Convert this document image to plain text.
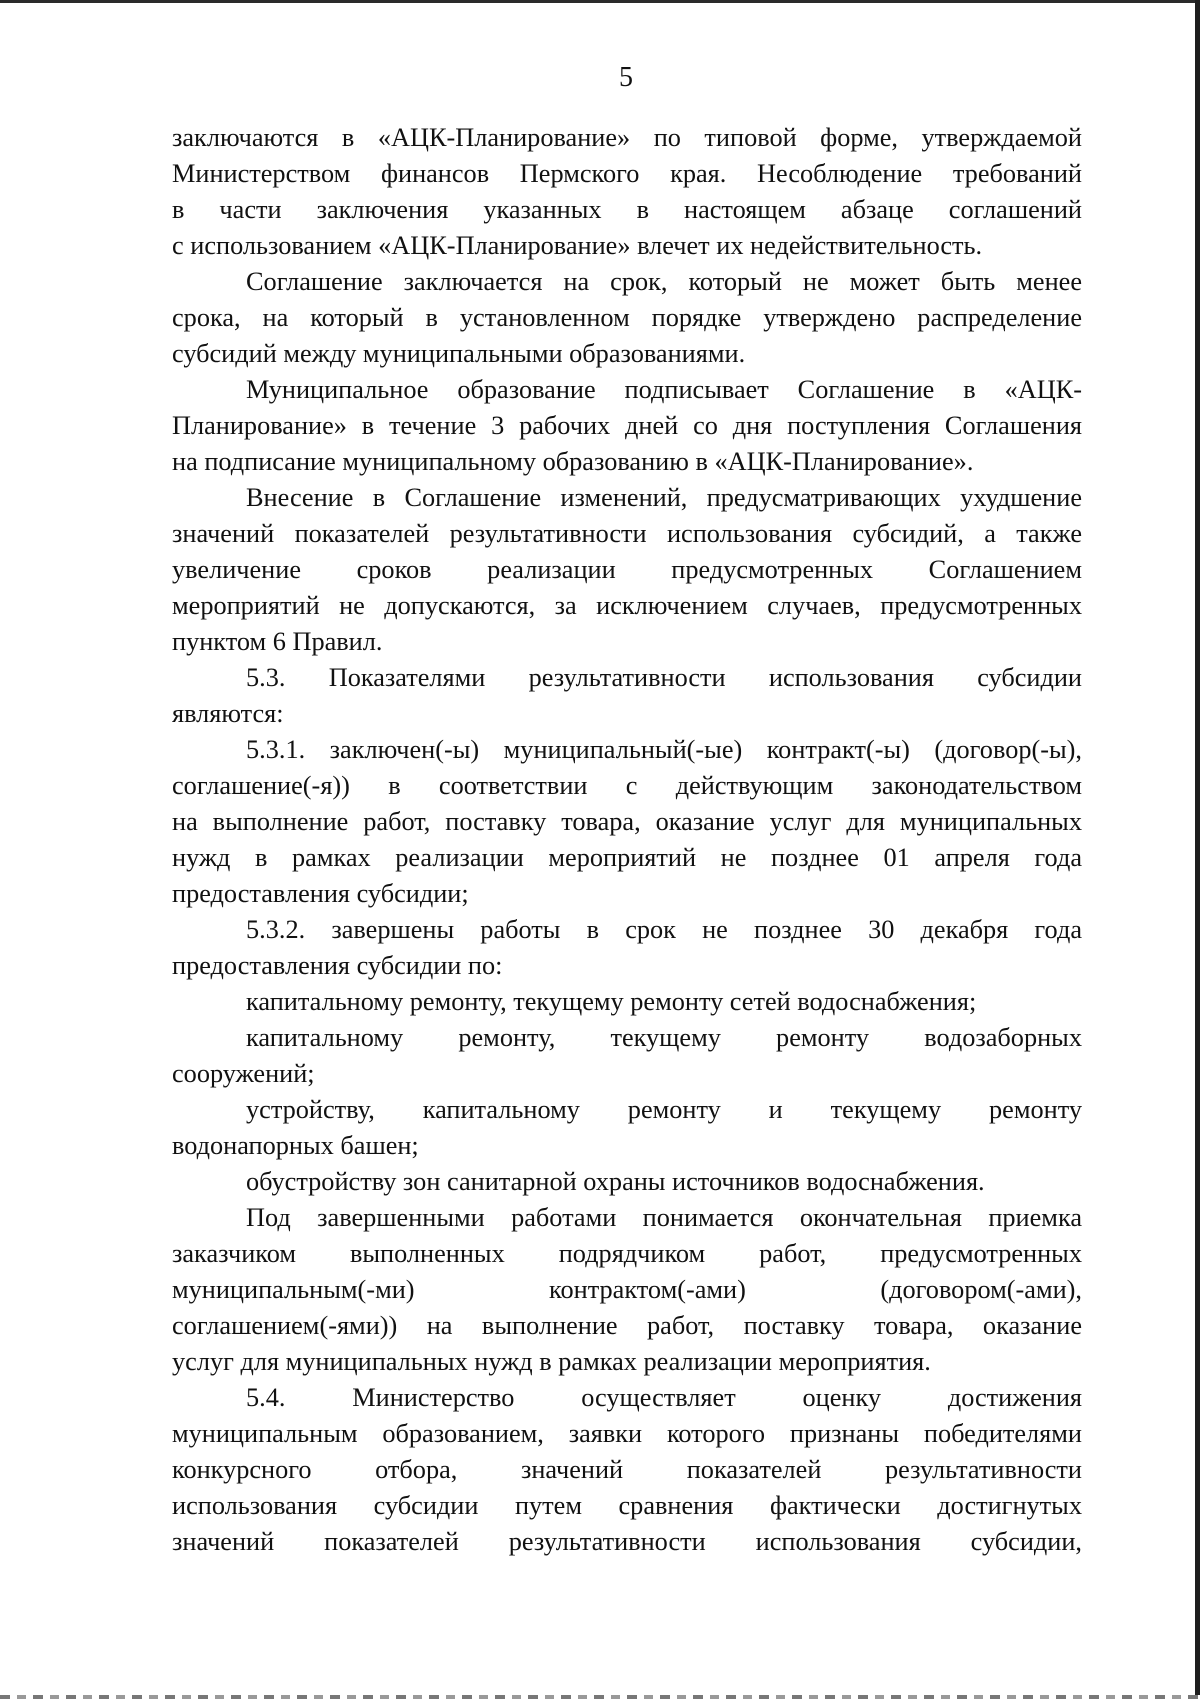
5
заключаются в «АЦК-Планирование» по типовой форме, утверждаемой
Министерством финансов Пермского края. Несоблюдение требований
в части заключения указанных в настоящем абзаце соглашений
с использованием «АЦК-Планирование» влечет их недействительность.
Соглашение заключается на срок, который не может быть менее
срока, на который в установленном порядке утверждено распределение
субсидий между муниципальными образованиями.
Муниципальное образование подписывает Соглашение в «АЦК-
Планирование» в течение 3 рабочих дней со дня поступления Соглашения
на подписание муниципальному образованию в «АЦК-Планирование».
Внесение в Соглашение изменений, предусматривающих ухудшение
значений показателей результативности использования субсидий, а также
увеличение сроков реализации предусмотренных Соглашением
мероприятий не допускаются, за исключением случаев, предусмотренных
пунктом 6 Правил.
5.3. Показателями результативности использования субсидии
являются:
5.3.1. заключен(-ы) муниципальный(-ые) контракт(-ы) (договор(-ы),
соглашение(-я)) в соответствии с действующим законодательством
на выполнение работ, поставку товара, оказание услуг для муниципальных
нужд в рамках реализации мероприятий не позднее 01 апреля года
предоставления субсидии;
5.3.2. завершены работы в срок не позднее 30 декабря года
предоставления субсидии по:
капитальному ремонту, текущему ремонту сетей водоснабжения;
капитальному ремонту, текущему ремонту водозаборных
сооружений;
устройству, капитальному ремонту и текущему ремонту
водонапорных башен;
обустройству зон санитарной охраны источников водоснабжения.
Под завершенными работами понимается окончательная приемка
заказчиком выполненных подрядчиком работ, предусмотренных
муниципальным(-ми) контрактом(-ами) (договором(-ами),
соглашением(-ями)) на выполнение работ, поставку товара, оказание
услуг для муниципальных нужд в рамках реализации мероприятия.
5.4. Министерство осуществляет оценку достижения
муниципальным образованием, заявки которого признаны победителями
конкурсного отбора, значений показателей результативности
использования субсидии путем сравнения фактически достигнутых
значений показателей результативности использования субсидии,
